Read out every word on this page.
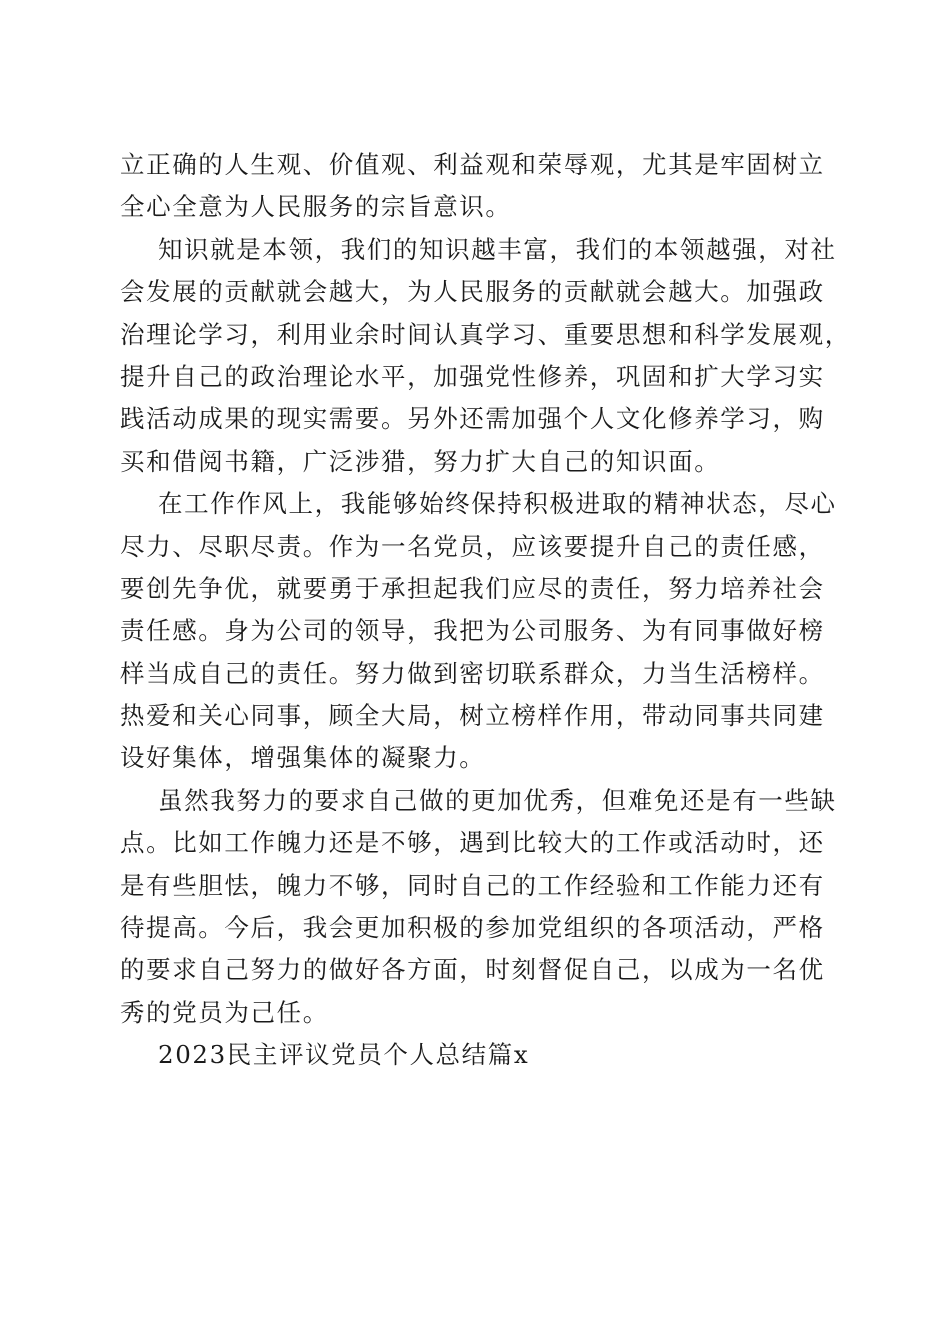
立正确的人生观、价值观、利益观和荣辱观，尤其是牢固树立
全心全意为人民服务的宗旨意识。
知识就是本领，我们的知识越丰富，我们的本领越强，对社
会发展的贡献就会越大，为人民服务的贡献就会越大。加强政
治理论学习，利用业余时间认真学习、重要思想和科学发展观，
提升自己的政治理论水平，加强党性修养，巩固和扩大学习实
践活动成果的现实需要。另外还需加强个人文化修养学习，购
买和借阅书籍，广泛涉猎，努力扩大自己的知识面。
在工作作风上，我能够始终保持积极进取的精神状态，尽心
尽力、尽职尽责。作为一名党员，应该要提升自己的责任感，
要创先争优，就要勇于承担起我们应尽的责任，努力培养社会
责任感。身为公司的领导，我把为公司服务、为有同事做好榜
样当成自己的责任。努力做到密切联系群众，力当生活榜样。
热爱和关心同事，顾全大局，树立榜样作用，带动同事共同建
设好集体，增强集体的凝聚力。
虽然我努力的要求自己做的更加优秀，但难免还是有一些缺
点。比如工作魄力还是不够，遇到比较大的工作或活动时，还
是有些胆怯，魄力不够，同时自己的工作经验和工作能力还有
待提高。今后，我会更加积极的参加党组织的各项活动，严格
的要求自己努力的做好各方面，时刻督促自己，以成为一名优
秀的党员为己任。
2023民主评议党员个人总结篇x
